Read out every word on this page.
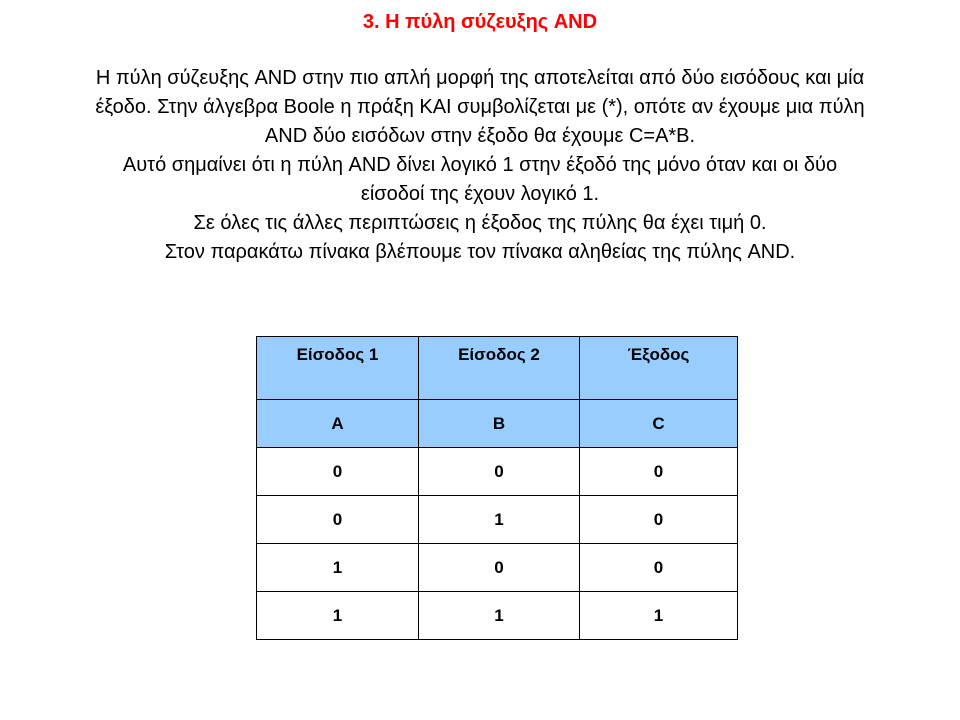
3. Η πύλη σύζευξης AND
Η πύλη σύζευξης AND στην πιο απλή μορφή της αποτελείται από δύο εισόδους και μία
έξοδο. Στην άλγεβρα Boole η πράξη ΚΑΙ συμβολίζεται με (*), οπότε αν έχουμε μια πύλη
AND δύο εισόδων στην έξοδο θα έχουμε C=A*B.
Αυτό σημαίνει ότι η πύλη AND δίνει λογικό 1 στην έξοδό της μόνο όταν και οι δύο
είσοδοί της έχουν λογικό 1.
Σε όλες τις άλλες περιπτώσεις η έξοδος της πύλης θα έχει τιμή 0.
Στον παρακάτω πίνακα βλέπουμε τον πίνακα αληθείας της πύλης AND.
Είσοδος 1	Είσοδος 2	Έξοδος
A	B	C
0	0	0
0	1	0
1	0	0
1	1	1
